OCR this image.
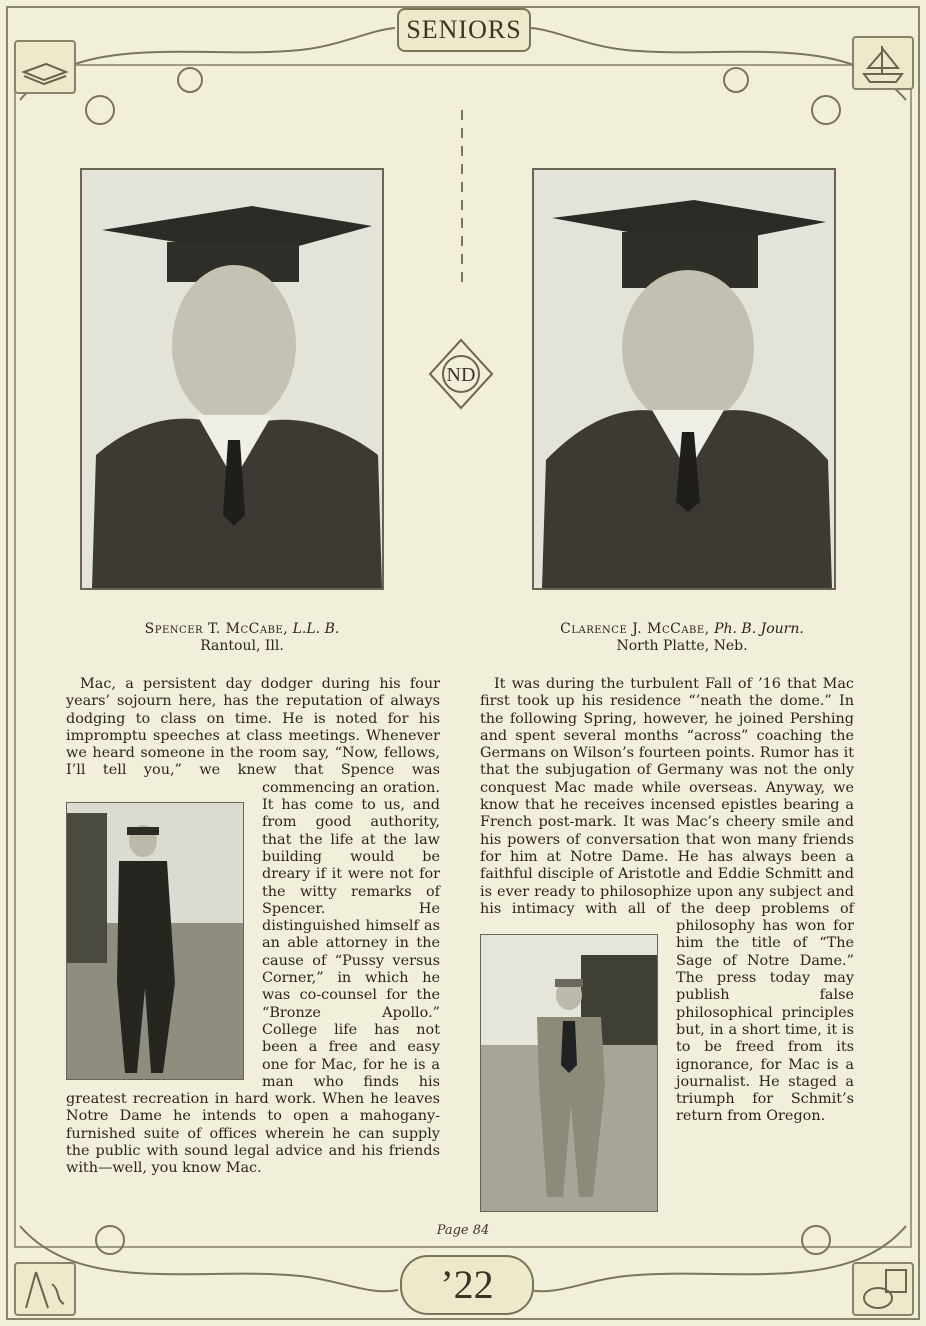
SENIORS
ND
Spencer T. McCabe, L.L. B.
Rantoul, Ill.
Clarence J. McCabe, Ph. B. Journ.
North Platte, Neb.

Mac, a persistent day dodger during his four years’ sojourn here, has the reputation of always dodging to class on time. He is noted for his impromptu speeches at class meetings. Whenever we heard someone in the room say, “Now, fellows, I’ll tell you,” we knew that Spence was commencing an oration. It has come to us, and from good authority, that the life at the law building would be dreary if it were not for the witty remarks of Spencer. He distinguished himself as an able attorney in the cause of “Pussy versus Corner,” in which he was co-counsel for the “Bronze Apollo.” College life has not been a free and easy one for Mac, for he is a man who finds his greatest recreation in hard work. When he leaves Notre Dame he intends to open a mahogany-furnished suite of offices wherein he can supply the public with sound legal advice and his friends with—well, you know Mac.

It was during the turbulent Fall of ’16 that Mac first took up his residence “’neath the dome.” In the following Spring, however, he joined Pershing and spent several months “across” coaching the Germans on Wilson’s fourteen points. Rumor has it that the subjugation of Germany was not the only conquest Mac made while overseas. Anyway, we know that he receives incensed epistles bearing a French post-mark. It was Mac’s cheery smile and his powers of conversation that won many friends for him at Notre Dame. He has always been a faithful disciple of Aristotle and Eddie Schmitt and is ever ready to philosophize upon any subject and his intimacy with all of the deep problems of philosophy has won for him the title of “The Sage of Notre Dame.” The press today may publish false philosophical principles but, in a short time, it is to be freed from its ignorance, for Mac is a journalist. He staged a triumph for Schmit’s return from Oregon.

Page 84
’22
